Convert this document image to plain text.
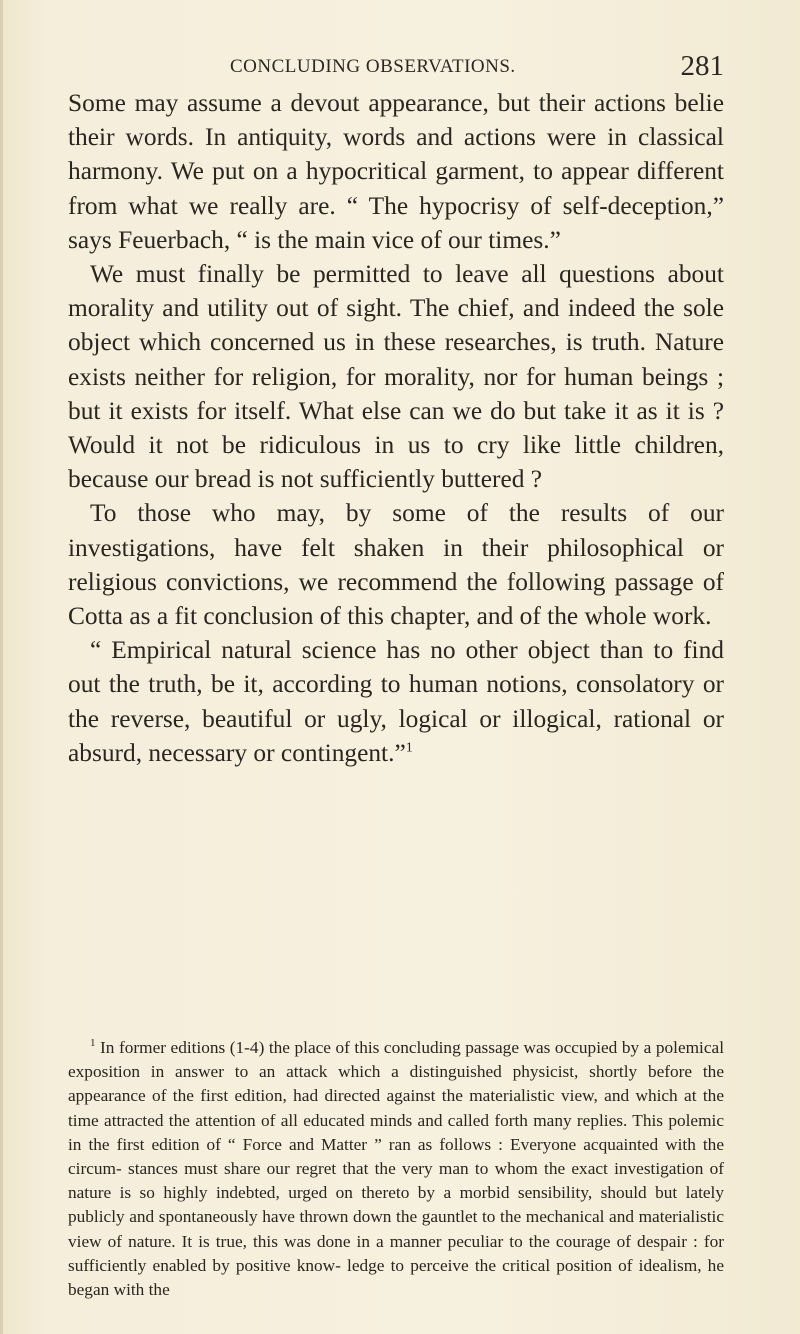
CONCLUDING OBSERVATIONS.	281

Some may assume a devout appearance, but their actions belie their words. In antiquity, words and actions were in classical harmony. We put on a hypocritical garment, to appear different from what we really are. “ The hypocrisy of self-deception,” says Feuerbach, “ is the main vice of our times.”

We must finally be permitted to leave all questions about morality and utility out of sight. The chief, and indeed the sole object which concerned us in these researches, is truth. Nature exists neither for religion, for morality, nor for human beings ; but it exists for itself. What else can we do but take it as it is ? Would it not be ridiculous in us to cry like little children, because our bread is not sufficiently buttered ?

To those who may, by some of the results of our investigations, have felt shaken in their philosophical or religious convictions, we recommend the following passage of Cotta as a fit conclusion of this chapter, and of the whole work.

“ Empirical natural science has no other object than to find out the truth, be it, according to human notions, consolatory or the reverse, beautiful or ugly, logical or illogical, rational or absurd, necessary or contingent.”$^1$

$^1$ In former editions (1-4) the place of this concluding passage was occupied by a polemical exposition in answer to an attack which a distinguished physicist, shortly before the appearance of the first edition, had directed against the materialistic view, and which at the time attracted the attention of all educated minds and called forth many replies. This polemic in the first edition of “ Force and Matter ” ran as follows : Everyone acquainted with the circum- stances must share our regret that the very man to whom the exact investigation of nature is so highly indebted, urged on thereto by a morbid sensibility, should but lately publicly and spontaneously have thrown down the gauntlet to the mechanical and materialistic view of nature. It is true, this was done in a manner peculiar to the courage of despair : for sufficiently enabled by positive know- ledge to perceive the critical position of idealism, he began with the
